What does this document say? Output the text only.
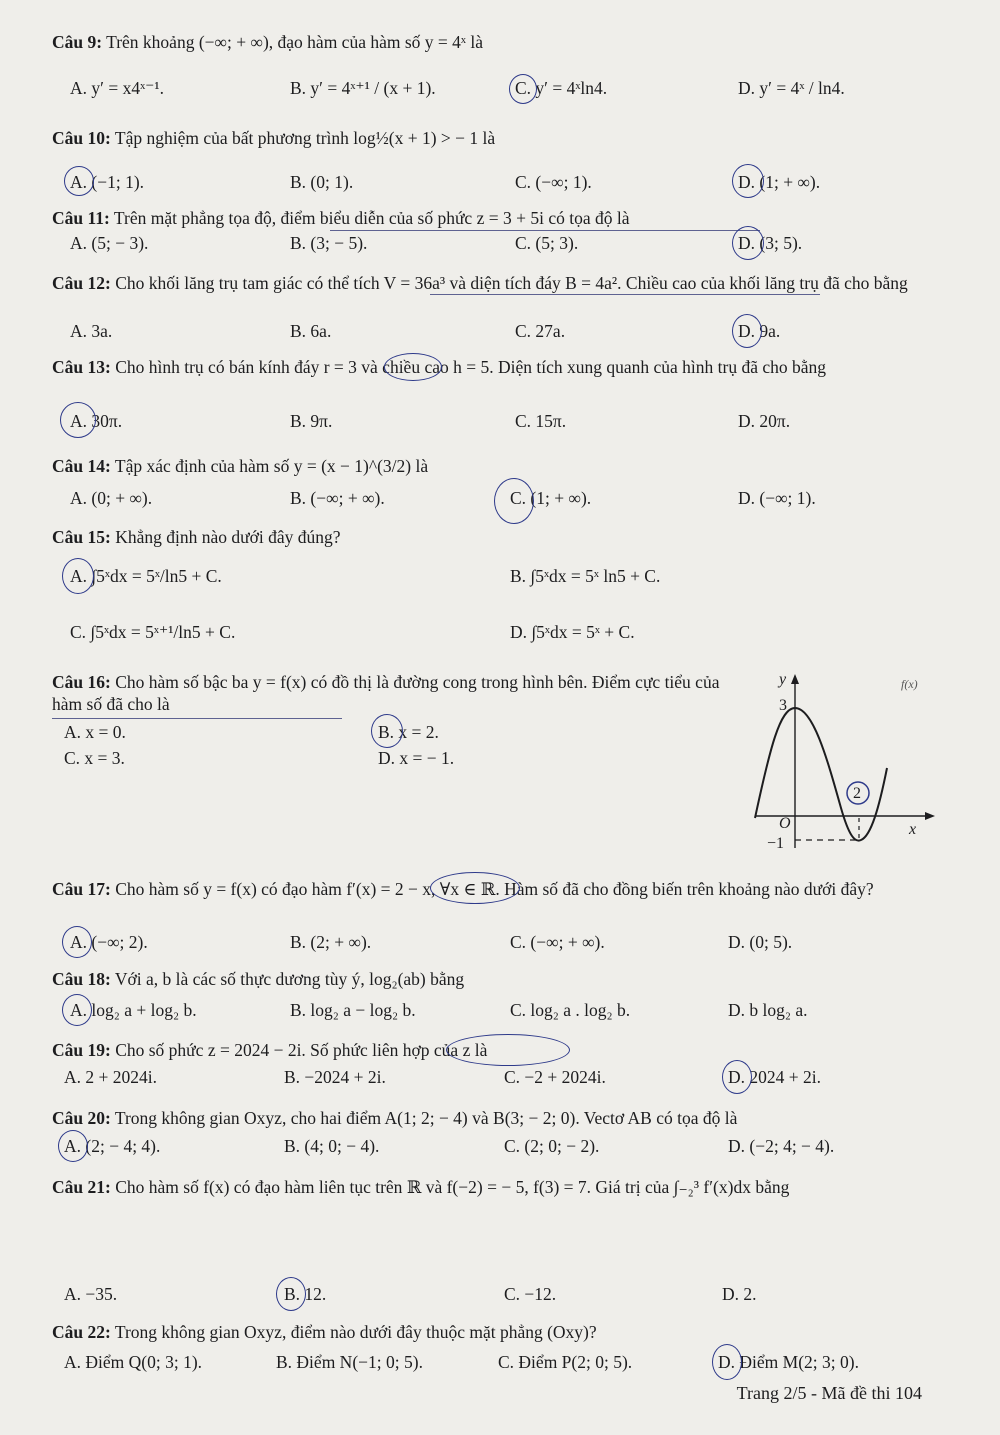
Câu 9: Trên khoảng (−∞; + ∞), đạo hàm của hàm số y = 4ˣ là
A. y′ = x4ˣ⁻¹.	B. y′ = 4ˣ⁺¹ / (x + 1).	C. y′ = 4ˣln4.	D. y′ = 4ˣ / ln4.
Câu 10: Tập nghiệm của bất phương trình log½(x + 1) > − 1 là
A. (−1; 1).	B. (0; 1).	C. (−∞; 1).	D. (1; + ∞).
Câu 11: Trên mặt phẳng tọa độ, điểm biểu diễn của số phức z = 3 + 5i có tọa độ là
A. (5; − 3).	B. (3; − 5).	C. (5; 3).	D. (3; 5).
Câu 12: Cho khối lăng trụ tam giác có thể tích V = 36a³ và diện tích đáy B = 4a². Chiều cao của khối lăng trụ đã cho bằng
A. 3a.	B. 6a.	C. 27a.	D. 9a.
Câu 13: Cho hình trụ có bán kính đáy r = 3 và chiều cao h = 5. Diện tích xung quanh của hình trụ đã cho bằng
A. 30π.	B. 9π.	C. 15π.	D. 20π.
Câu 14: Tập xác định của hàm số y = (x − 1)^(3/2) là
A. (0; + ∞).	B. (−∞; + ∞).	C. (1; + ∞).	D. (−∞; 1).
Câu 15: Khẳng định nào dưới đây đúng?
A. ∫5ˣdx = 5ˣ/ln5 + C.	B. ∫5ˣdx = 5ˣ ln5 + C.
C. ∫5ˣdx = 5ˣ⁺¹/ln5 + C.	D. ∫5ˣdx = 5ˣ + C.
Câu 16: Cho hàm số bậc ba y = f(x) có đồ thị là đường cong trong hình bên. Điểm cực tiểu của hàm số đã cho là
A. x = 0.	B. x = 2.
C. x = 3.	D. x = − 1.
y
x
O
3
−1
2
f(x)
Câu 17: Cho hàm số y = f(x) có đạo hàm f′(x) = 2 − x, ∀x ∈ ℝ. Hàm số đã cho đồng biến trên khoảng nào dưới đây?
A. (−∞; 2).	B. (2; + ∞).	C. (−∞; + ∞).	D. (0; 5).
Câu 18: Với a, b là các số thực dương tùy ý, log₂(ab) bằng
A. log₂ a + log₂ b.	B. log₂ a − log₂ b.	C. log₂ a . log₂ b.	D. b log₂ a.
Câu 19: Cho số phức z = 2024 − 2i. Số phức liên hợp của z là
A. 2 + 2024i.	B. −2024 + 2i.	C. −2 + 2024i.	D. 2024 + 2i.
Câu 20: Trong không gian Oxyz, cho hai điểm A(1; 2; − 4) và B(3; − 2; 0). Vectơ AB có tọa độ là
A. (2; − 4; 4).	B. (4; 0; − 4).	C. (2; 0; − 2).	D. (−2; 4; − 4).
Câu 21: Cho hàm số f(x) có đạo hàm liên tục trên ℝ và f(−2) = − 5, f(3) = 7. Giá trị của ∫₋₂³ f′(x)dx bằng
A. −35.	B. 12.	C. −12.	D. 2.
Câu 22: Trong không gian Oxyz, điểm nào dưới đây thuộc mặt phẳng (Oxy)?
A. Điểm Q(0; 3; 1).	B. Điểm N(−1; 0; 5).	C. Điểm P(2; 0; 5).	D. Điểm M(2; 3; 0).
Trang 2/5 - Mã đề thi 104
